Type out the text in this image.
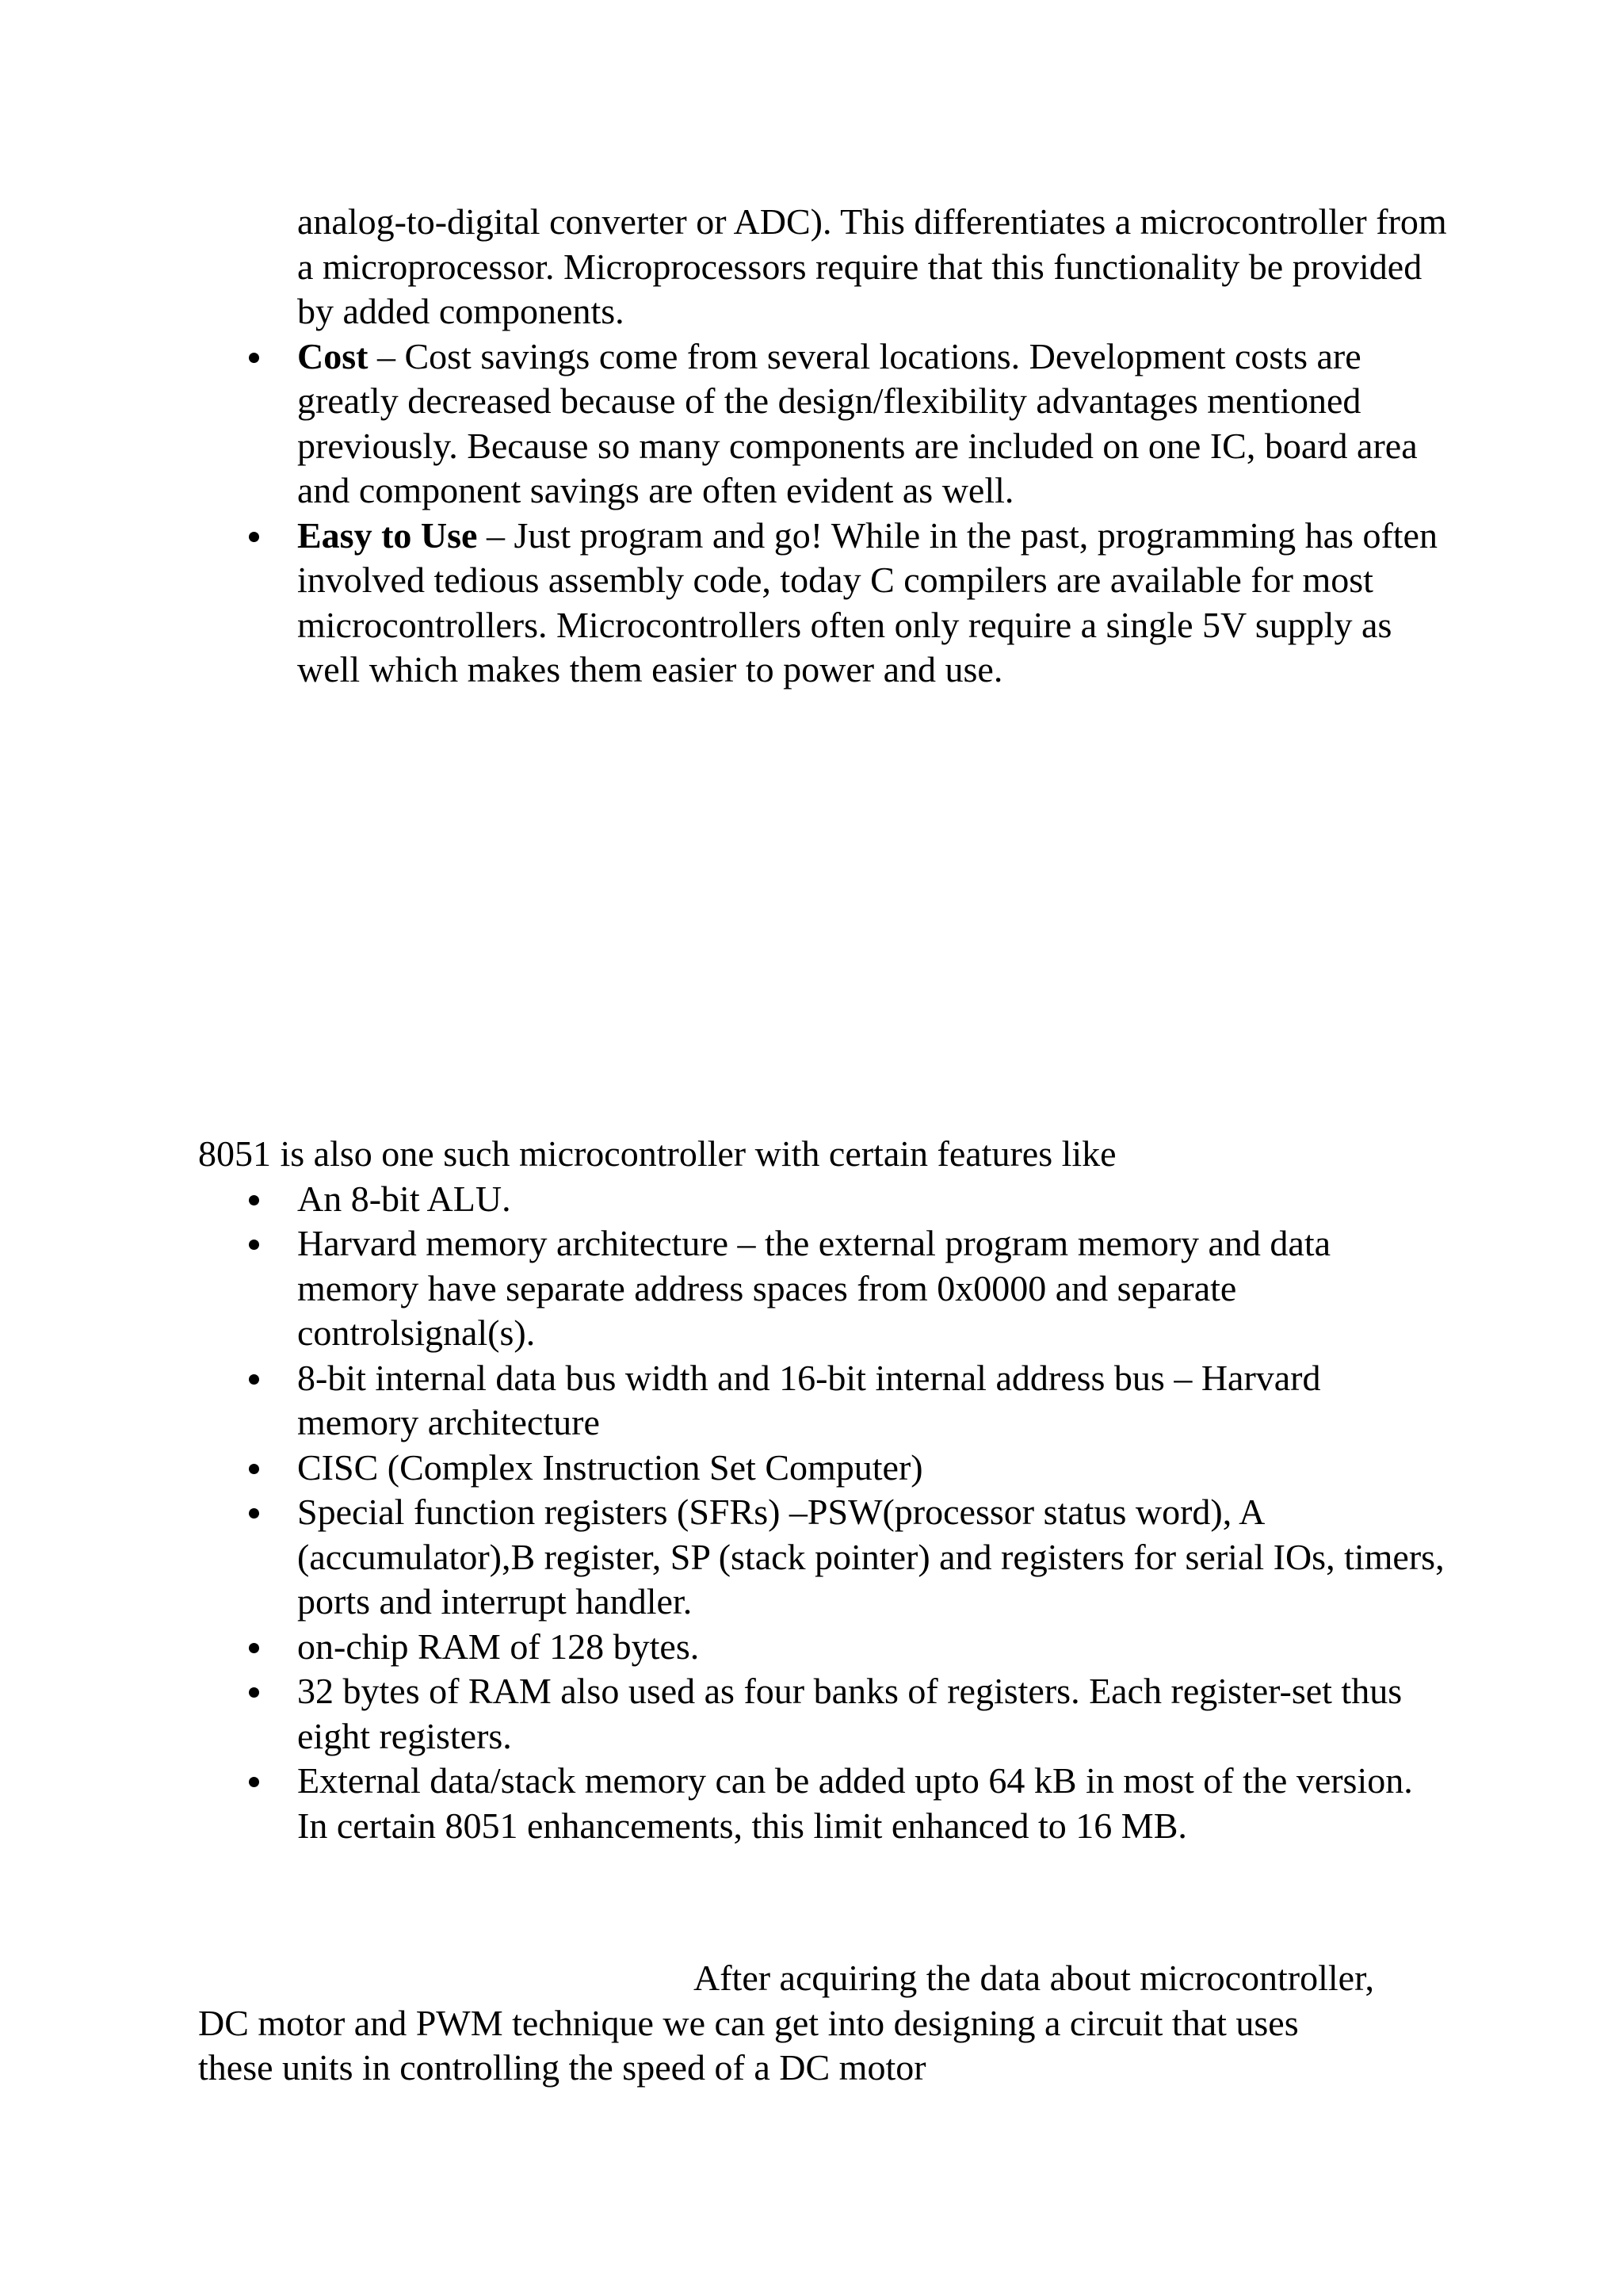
analog-to-digital converter or ADC). This differentiates a microcontroller from a microprocessor. Microprocessors require that this functionality be provided by added components.

Cost – Cost savings come from several locations. Development costs are greatly decreased because of the design/flexibility advantages mentioned previously. Because so many components are included on one IC, board area and component savings are often evident as well.
Easy to Use – Just program and go! While in the past, programming has often involved tedious assembly code, today C compilers are available for most microcontrollers. Microcontrollers often only require a single 5V supply as well which makes them easier to power and use.

8051 is also one such microcontroller with certain features like

An 8-bit ALU.
Harvard memory architecture – the external program memory and data memory have separate address spaces from 0x0000 and separate controlsignal(s).
8-bit internal data bus width and 16-bit internal address bus – Harvard memory architecture
CISC (Complex Instruction Set Computer)
Special function registers (SFRs) –PSW(processor status word), A (accumulator),B register, SP (stack pointer) and registers for serial IOs, timers, ports and interrupt handler.
on-chip RAM of 128 bytes.
32 bytes of RAM also used as four banks of registers. Each register-set thus eight registers.
External data/stack memory can be added upto 64 kB in most of the version. In certain 8051 enhancements, this limit enhanced to 16 MB.

After acquiring the data about microcontroller,

DC motor and PWM technique we can get into designing a circuit that uses

these units in controlling the speed of a DC motor
